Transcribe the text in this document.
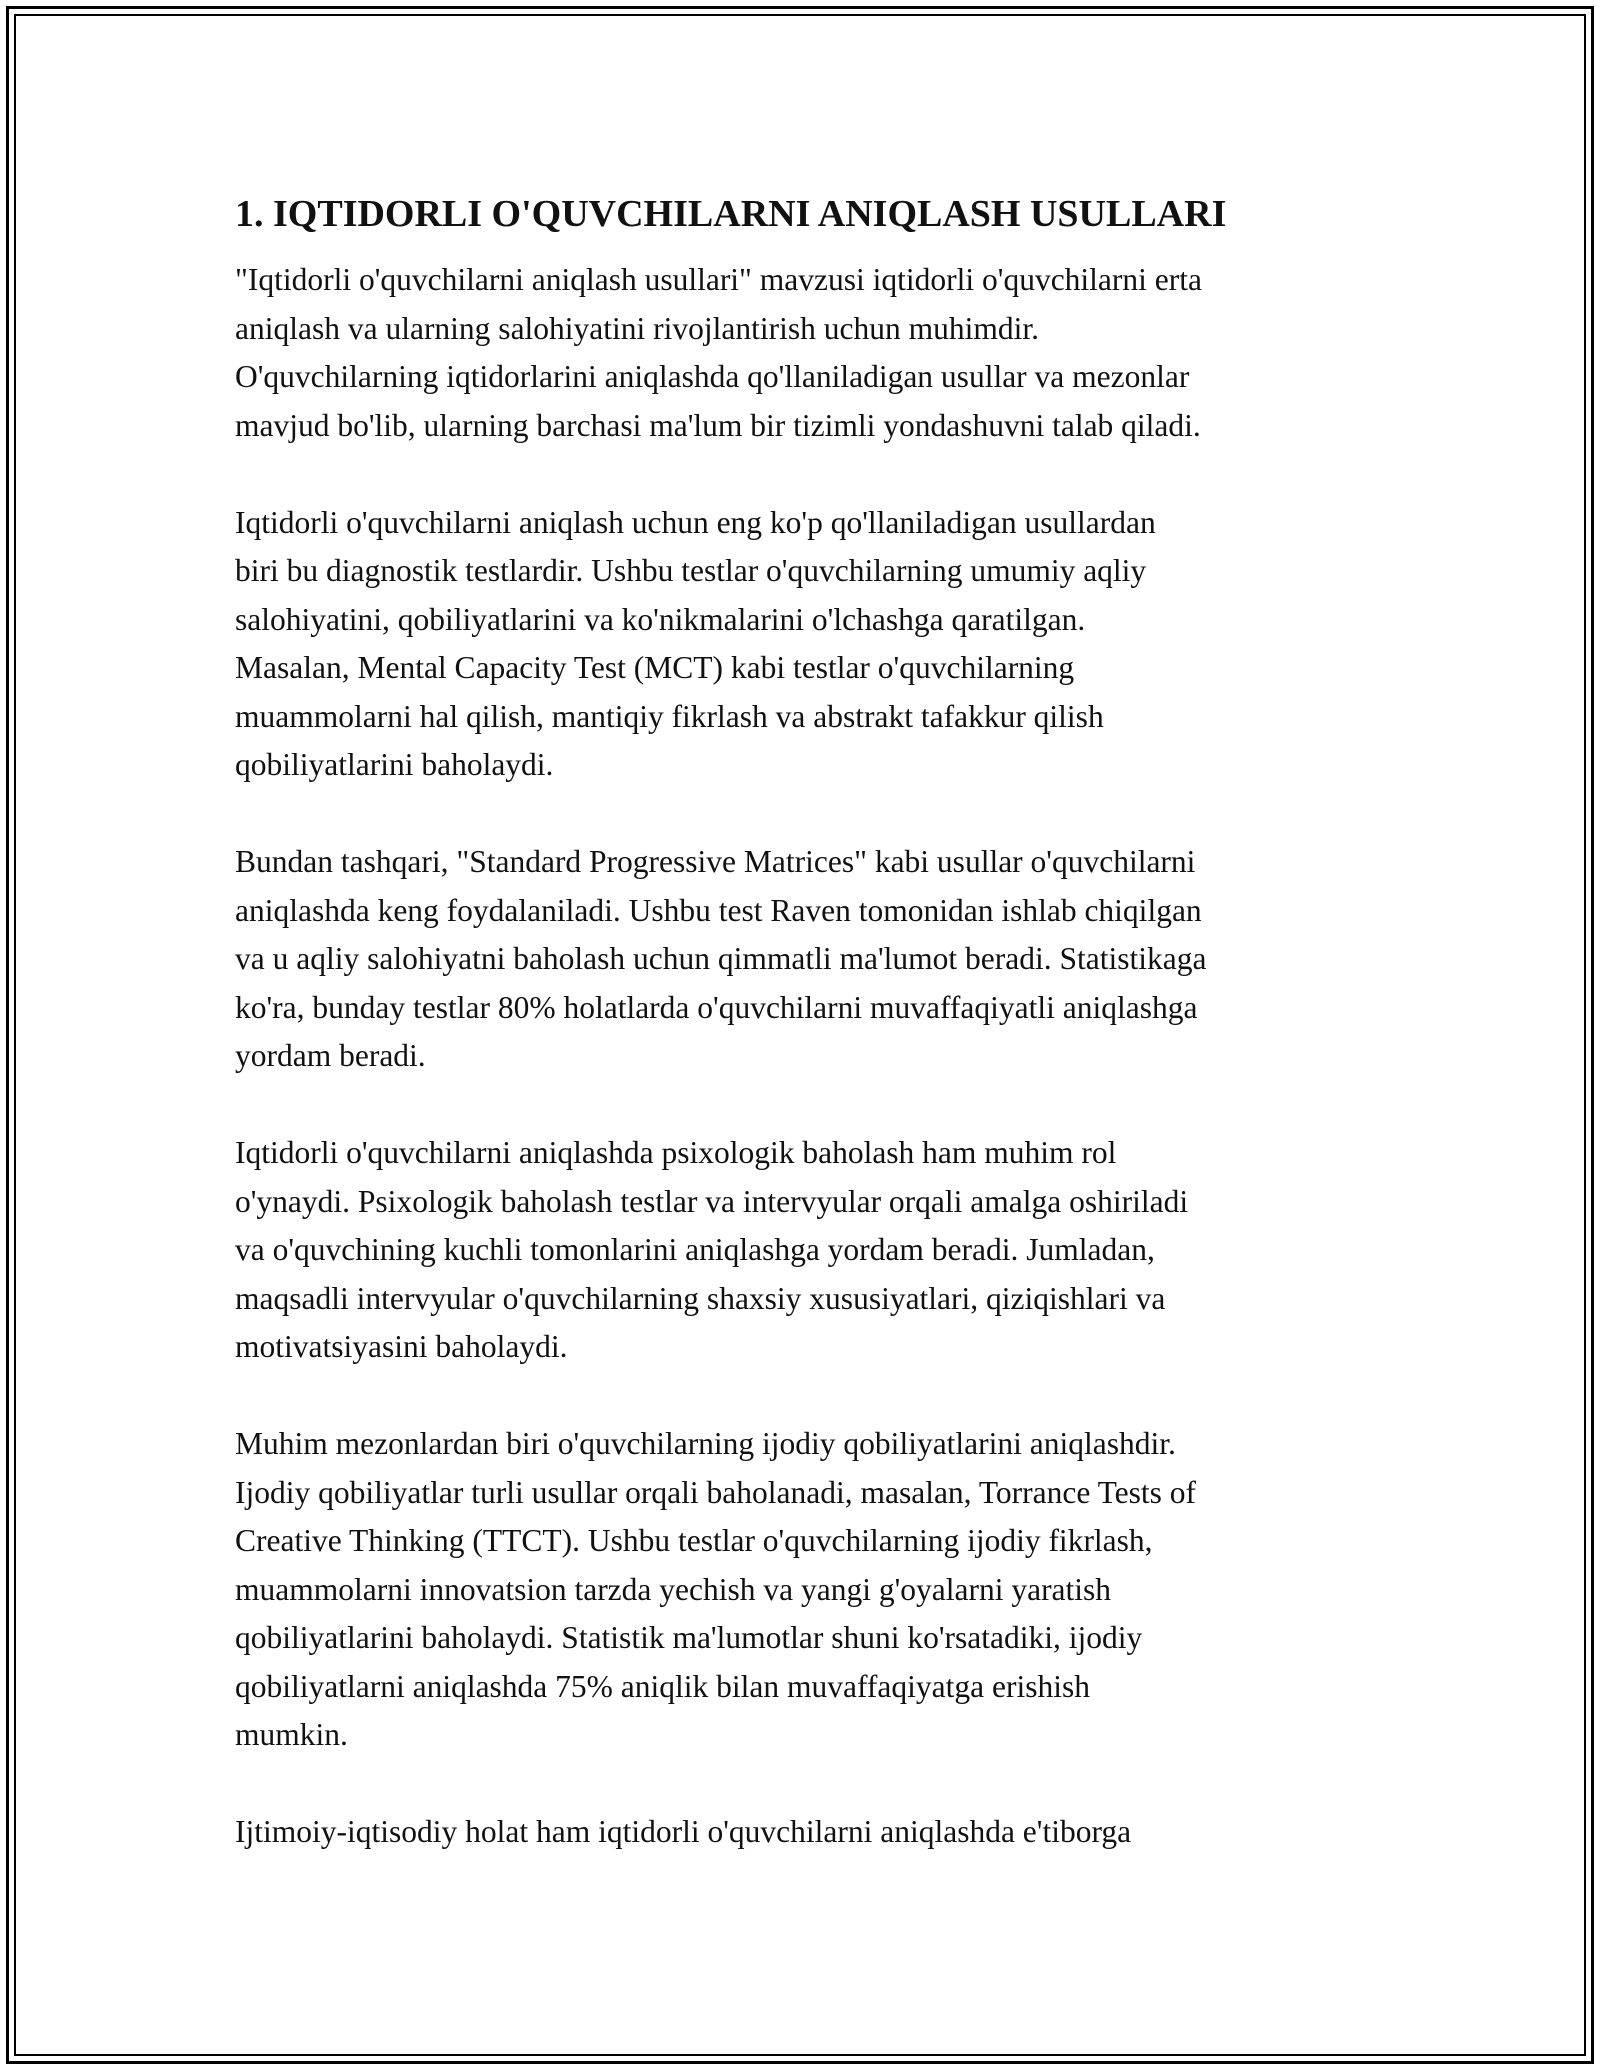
1. IQTIDORLI O'QUVCHILARNI ANIQLASH USULLARI
"Iqtidorli o'quvchilarni aniqlash usullari" mavzusi iqtidorli o'quvchilarni erta
aniqlash va ularning salohiyatini rivojlantirish uchun muhimdir.
O'quvchilarning iqtidorlarini aniqlashda qo'llaniladigan usullar va mezonlar
mavjud bo'lib, ularning barchasi ma'lum bir tizimli yondashuvni talab qiladi.
Iqtidorli o'quvchilarni aniqlash uchun eng ko'p qo'llaniladigan usullardan
biri bu diagnostik testlardir. Ushbu testlar o'quvchilarning umumiy aqliy
salohiyatini, qobiliyatlarini va ko'nikmalarini o'lchashga qaratilgan.
Masalan, Mental Capacity Test (MCT) kabi testlar o'quvchilarning
muammolarni hal qilish, mantiqiy fikrlash va abstrakt tafakkur qilish
qobiliyatlarini baholaydi.
Bundan tashqari, "Standard Progressive Matrices" kabi usullar o'quvchilarni
aniqlashda keng foydalaniladi. Ushbu test Raven tomonidan ishlab chiqilgan
va u aqliy salohiyatni baholash uchun qimmatli ma'lumot beradi. Statistikaga
ko'ra, bunday testlar 80% holatlarda o'quvchilarni muvaffaqiyatli aniqlashga
yordam beradi.
Iqtidorli o'quvchilarni aniqlashda psixologik baholash ham muhim rol
o'ynaydi. Psixologik baholash testlar va intervyular orqali amalga oshiriladi
va o'quvchining kuchli tomonlarini aniqlashga yordam beradi. Jumladan,
maqsadli intervyular o'quvchilarning shaxsiy xususiyatlari, qiziqishlari va
motivatsiyasini baholaydi.
Muhim mezonlardan biri o'quvchilarning ijodiy qobiliyatlarini aniqlashdir.
Ijodiy qobiliyatlar turli usullar orqali baholanadi, masalan, Torrance Tests of
Creative Thinking (TTCT). Ushbu testlar o'quvchilarning ijodiy fikrlash,
muammolarni innovatsion tarzda yechish va yangi g'oyalarni yaratish
qobiliyatlarini baholaydi. Statistik ma'lumotlar shuni ko'rsatadiki, ijodiy
qobiliyatlarni aniqlashda 75% aniqlik bilan muvaffaqiyatga erishish
mumkin.
Ijtimoiy-iqtisodiy holat ham iqtidorli o'quvchilarni aniqlashda e'tiborga
